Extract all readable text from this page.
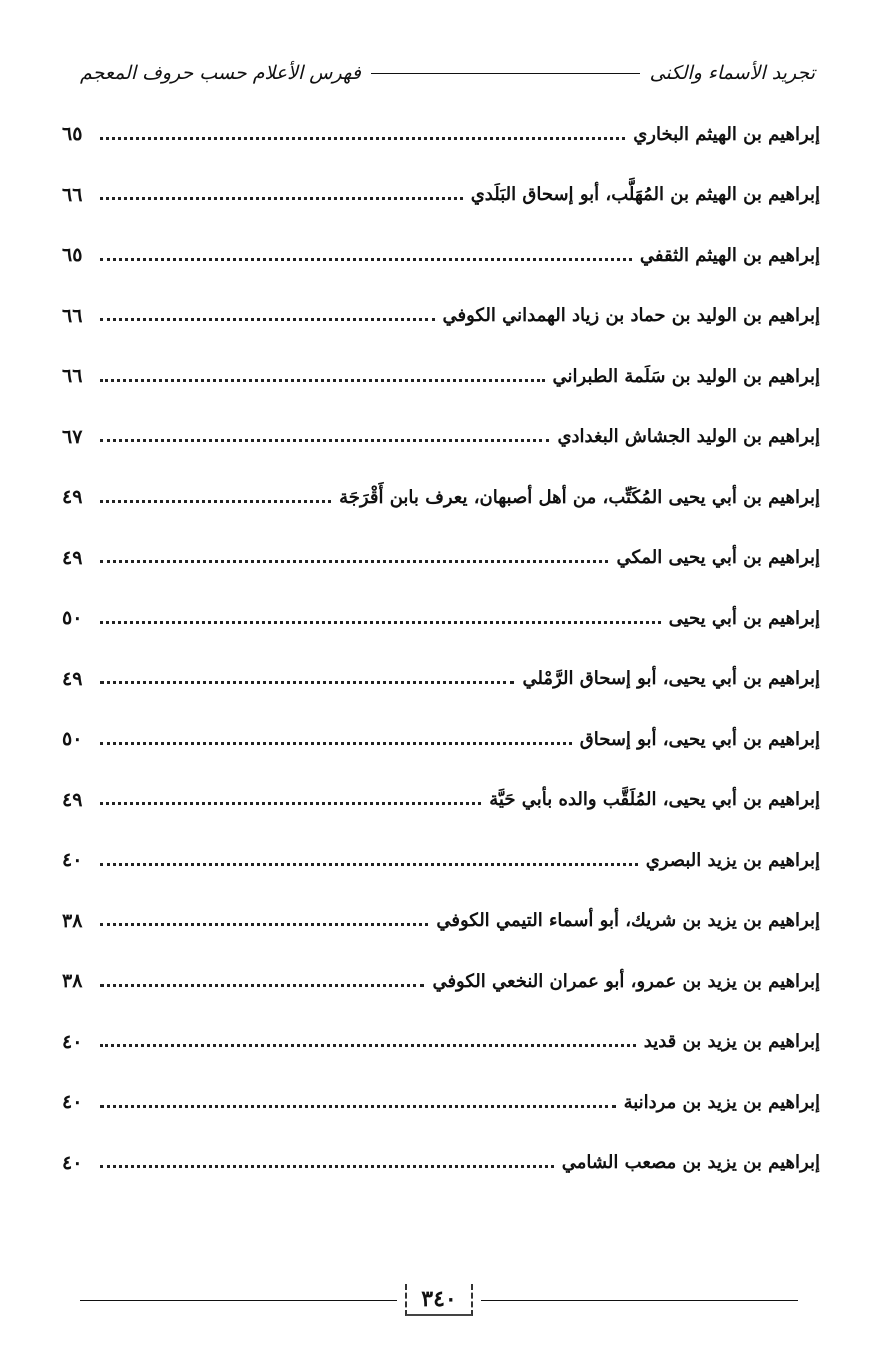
تجريد الأسماء والكنى
فهرس الأعلام حسب حروف المعجم
إبراهيم بن الهيثم البخاري
٦٥
إبراهيم بن الهيثم بن المُهَلَّب، أبو إسحاق البَلَدي
٦٦
إبراهيم بن الهيثم الثقفي
٦٥
إبراهيم بن الوليد بن حماد بن زياد الهمداني الكوفي
٦٦
إبراهيم بن الوليد بن سَلَمة الطبراني
٦٦
إبراهيم بن الوليد الجشاش البغدادي
٦٧
إبراهيم بن أبي يحيى المُكَتِّب، من أهل أصبهان، يعرف بابن أَقْرَجَة
٤٩
إبراهيم بن أبي يحيى المكي
٤٩
إبراهيم بن أبي يحيى
٥٠
إبراهيم بن أبي يحيى، أبو إسحاق الرَّمْلي
٤٩
إبراهيم بن أبي يحيى، أبو إسحاق
٥٠
إبراهيم بن أبي يحيى، المُلَقَّب والده بأبي حَيَّة
٤٩
إبراهيم بن يزيد البصري
٤٠
إبراهيم بن يزيد بن شريك، أبو أسماء التيمي الكوفي
٣٨
إبراهيم بن يزيد بن عمرو، أبو عمران النخعي الكوفي
٣٨
إبراهيم بن يزيد بن قديد
٤٠
إبراهيم بن يزيد بن مردانبة
٤٠
إبراهيم بن يزيد بن مصعب الشامي
٤٠
٣٤٠
